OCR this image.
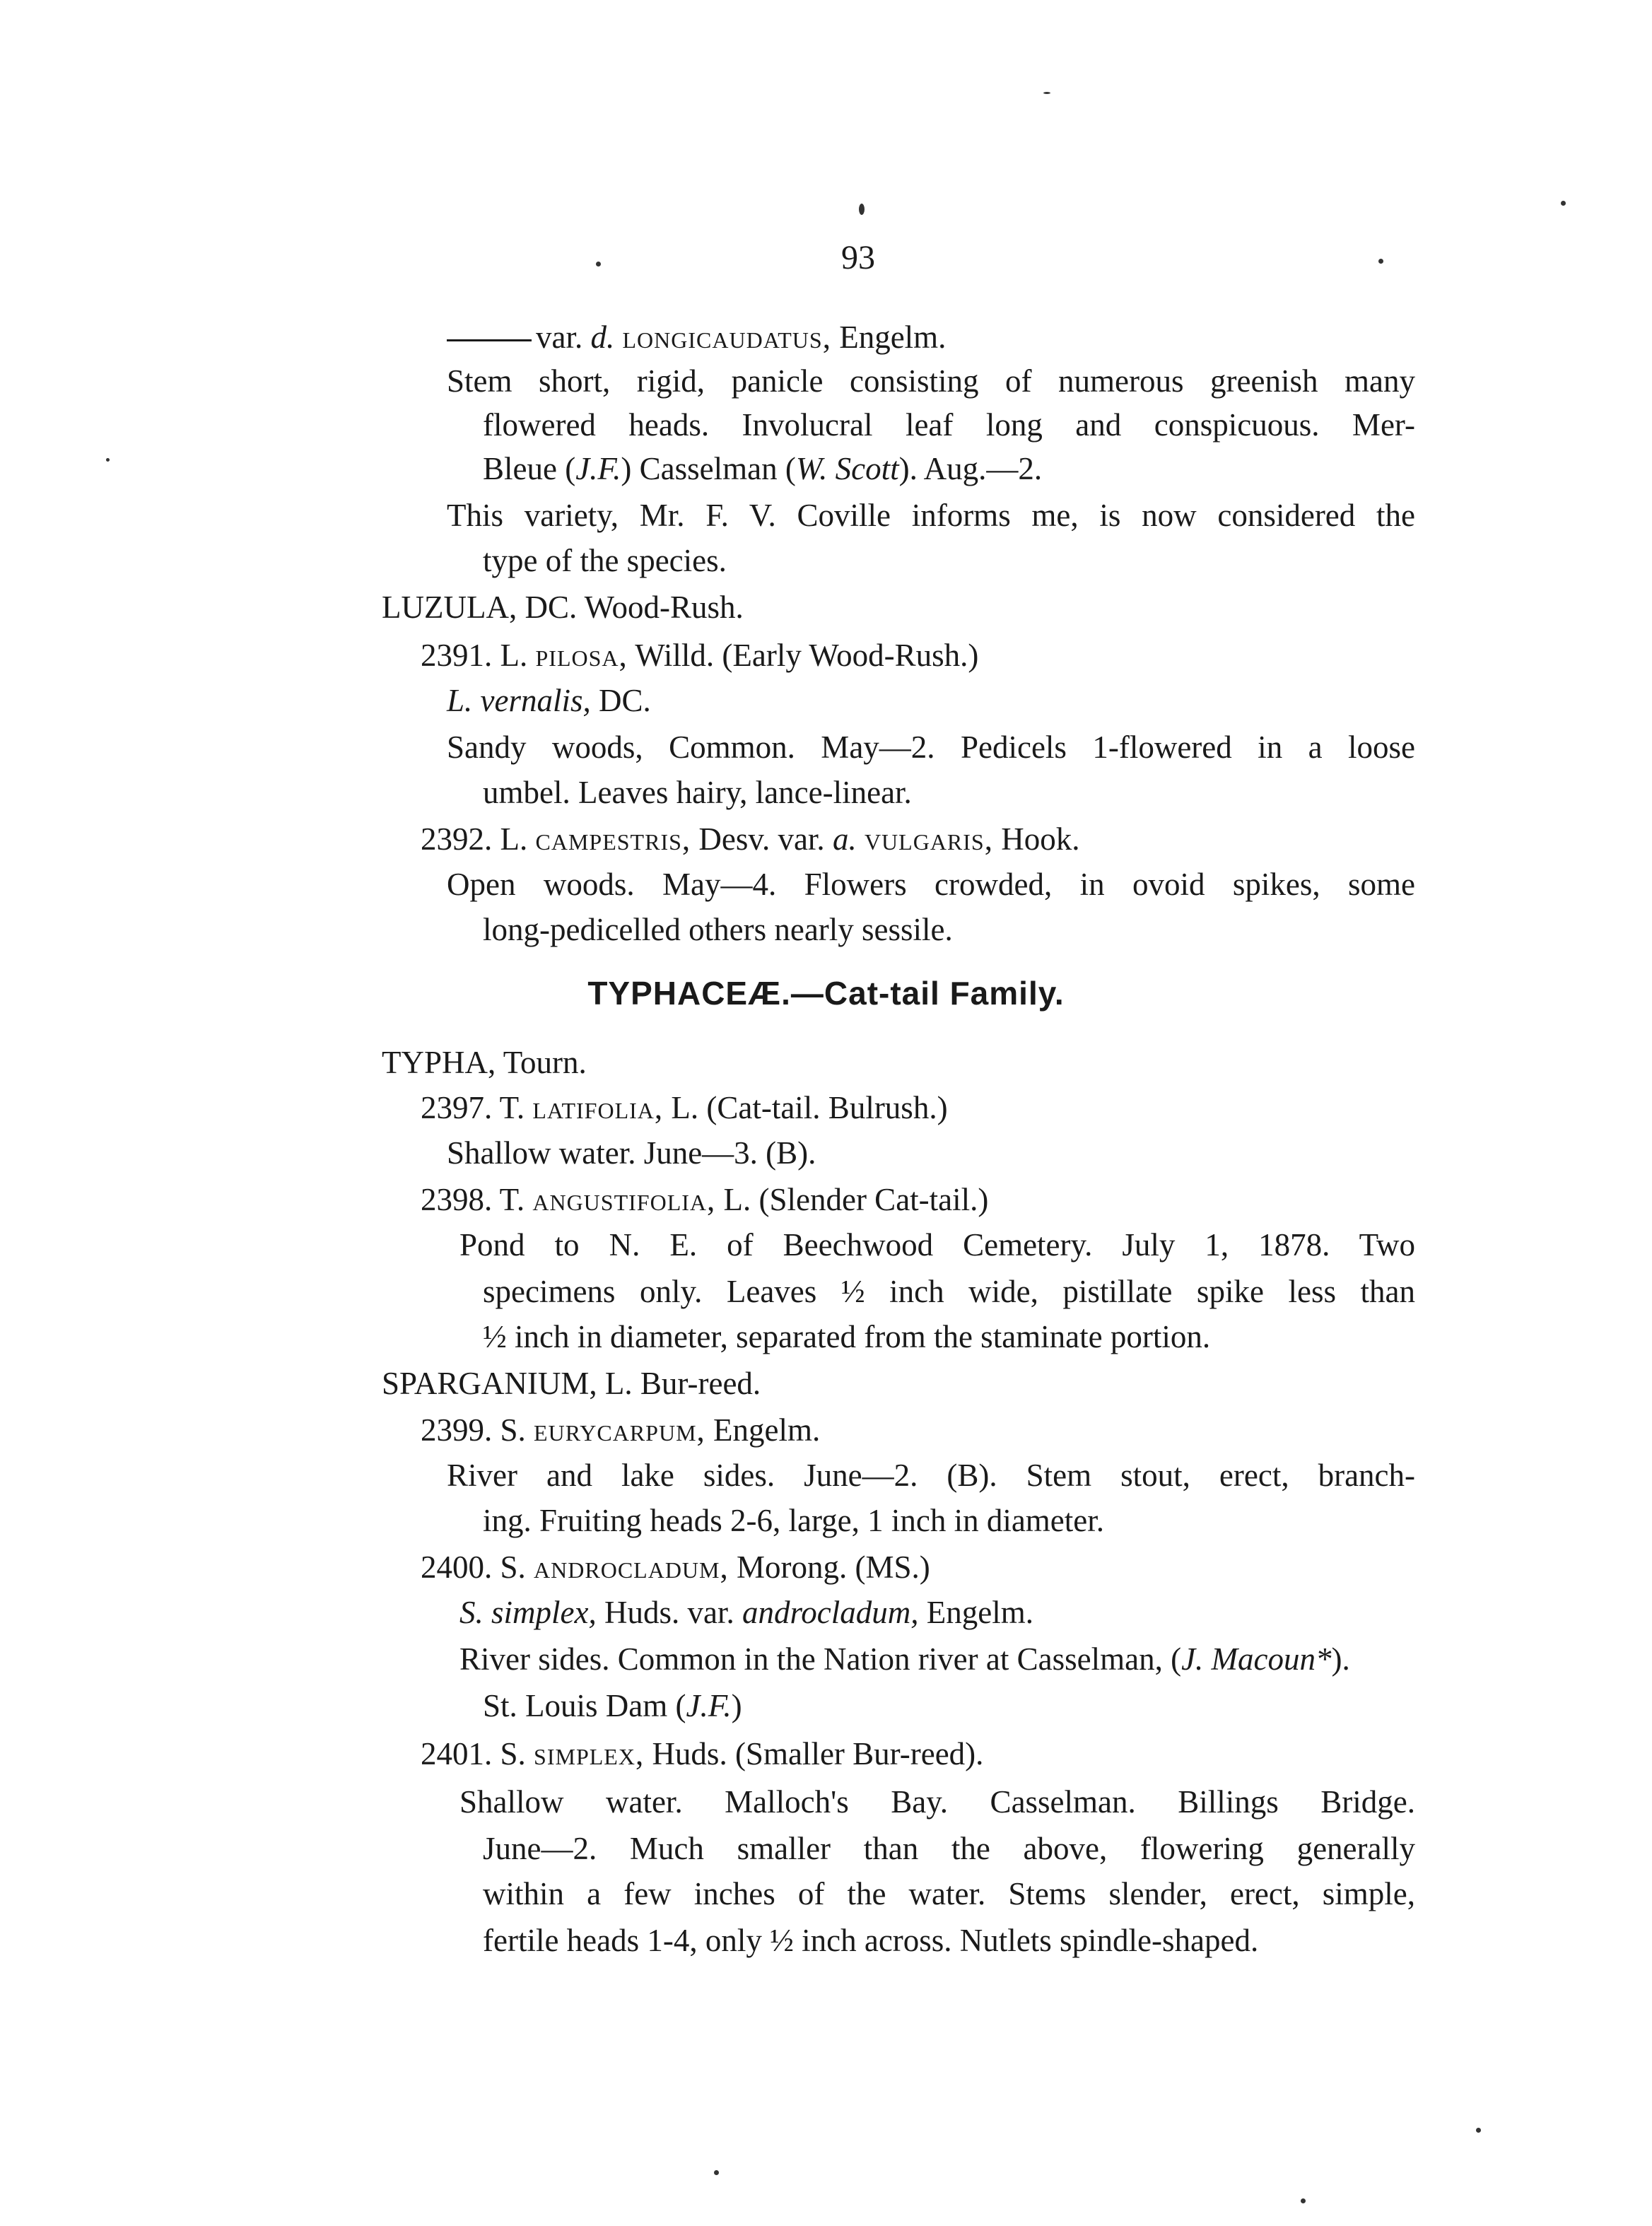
93
var. d. longicaudatus, Engelm.
Stem short, rigid, panicle consisting of numerous greenish many
flowered heads. Involucral leaf long and conspicuous. Mer-
Bleue (J.F.) Casselman (W. Scott). Aug.—2.
This variety, Mr. F. V. Coville informs me, is now considered the
type of the species.
LUZULA, DC. Wood-Rush.
2391. L. pilosa, Willd. (Early Wood-Rush.)
L. vernalis, DC.
Sandy woods, Common. May—2. Pedicels 1-flowered in a loose
umbel. Leaves hairy, lance-linear.
2392. L. campestris, Desv. var. a. vulgaris, Hook.
Open woods. May—4. Flowers crowded, in ovoid spikes, some
long-pedicelled others nearly sessile.
TYPHACEÆ.—Cat-tail Family.
TYPHA, Tourn.
2397. T. latifolia, L. (Cat-tail. Bulrush.)
Shallow water. June—3. (B).
2398. T. angustifolia, L. (Slender Cat-tail.)
Pond to N. E. of Beechwood Cemetery. July 1, 1878. Two
specimens only. Leaves ½ inch wide, pistillate spike less than
½ inch in diameter, separated from the staminate portion.
SPARGANIUM, L. Bur-reed.
2399. S. eurycarpum, Engelm.
River and lake sides. June—2. (B). Stem stout, erect, branch-
ing. Fruiting heads 2-6, large, 1 inch in diameter.
2400. S. androcladum, Morong. (MS.)
S. simplex, Huds. var. androcladum, Engelm.
River sides. Common in the Nation river at Casselman, (J. Macoun*).
St. Louis Dam (J.F.)
2401. S. simplex, Huds. (Smaller Bur-reed).
Shallow water. Malloch's Bay. Casselman. Billings Bridge.
June—2. Much smaller than the above, flowering generally
within a few inches of the water. Stems slender, erect, simple,
fertile heads 1-4, only ½ inch across. Nutlets spindle-shaped.
